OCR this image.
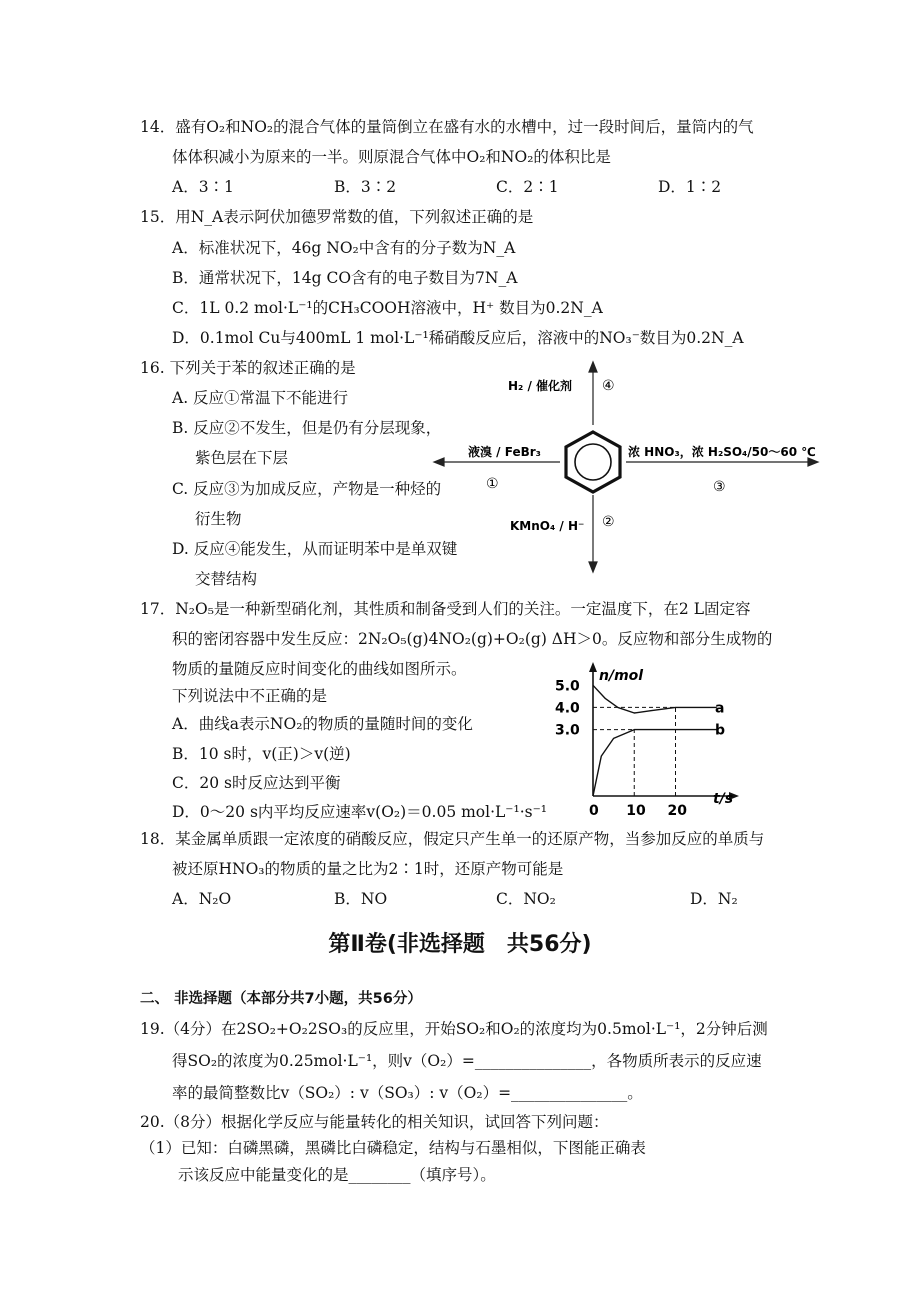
14．盛有O₂和NO₂的混合气体的量筒倒立在盛有水的水槽中，过一段时间后，量筒内的气
体体积减小为原来的一半。则原混合气体中O₂和NO₂的体积比是
A．3∶1	B．3∶2	C．2∶1	D．1∶2
15．用N_A表示阿伏加德罗常数的值，下列叙述正确的是
A．标准状况下，46g NO₂中含有的分子数为N_A
B．通常状况下，14g CO含有的电子数目为7N_A
C．1L 0.2 mol·L⁻¹的CH₃COOH溶液中，H⁺ 数目为0.2N_A
D．0.1mol Cu与400mL 1 mol·L⁻¹稀硝酸反应后，溶液中的NO₃⁻数目为0.2N_A
16. 下列关于苯的叙述正确的是
A. 反应①常温下不能进行
B. 反应②不发生，但是仍有分层现象，
紫色层在下层
C. 反应③为加成反应，产物是一种烃的
衍生物
D. 反应④能发生，从而证明苯中是单双键
交替结构
H₂ / 催化剂 ④
液溴 / FeBr₃
①
浓 HNO₃，浓 H₂SO₄/50～60 ℃
③
KMnO₄ / H⁻ ②
17．N₂O₅是一种新型硝化剂，其性质和制备受到人们的关注。一定温度下，在2 L固定容
积的密闭容器中发生反应：2N₂O₅(g)4NO₂(g)+O₂(g) ΔH＞0。反应物和部分生成物的
物质的量随反应时间变化的曲线如图所示。
下列说法中不正确的是
A．曲线a表示NO₂的物质的量随时间的变化
B．10 s时，v(正)＞v(逆)
C．20 s时反应达到平衡
D．0～20 s内平均反应速率v(O₂)＝0.05 mol·L⁻¹·s⁻¹
n/mol
t/s
3.0
4.0
5.0
0 10 20
a
b
18．某金属单质跟一定浓度的硝酸反应，假定只产生单一的还原产物，当参加反应的单质与
被还原HNO₃的物质的量之比为2∶1时，还原产物可能是
A．N₂O	B．NO	C．NO₂	D．N₂
第Ⅱ卷(非选择题　共56分)
二、 非选择题（本部分共7小题，共56分）
19.（4分）在2SO₂+O₂2SO₃的反应里，开始SO₂和O₂的浓度均为0.5mol·L⁻¹，2分钟后测
得SO₂的浓度为0.25mol·L⁻¹，则v（O₂）=_______________，各物质所表示的反应速
率的最简整数比v（SO₂）: v（SO₃）: v（O₂）=_______________。
20.（8分）根据化学反应与能量转化的相关知识，试回答下列问题：
（1）已知：白磷黑磷，黑磷比白磷稳定，结构与石墨相似，下图能正确表
示该反应中能量变化的是________（填序号）。
